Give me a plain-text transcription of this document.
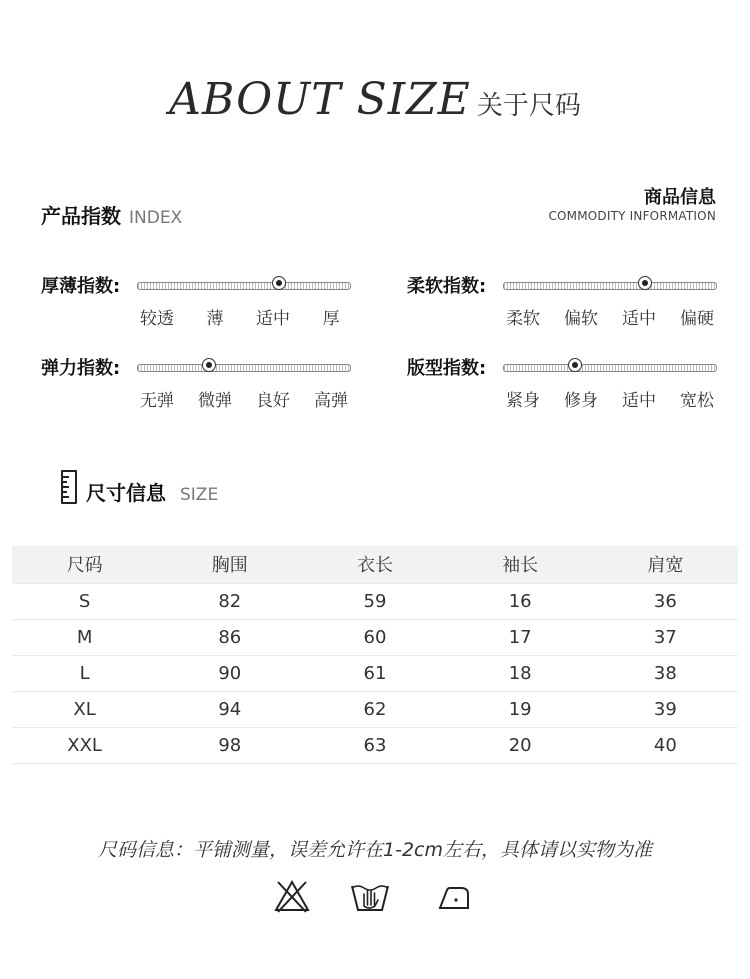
ABOUT SIZE 关于尺码
产品指数 INDEX
商品信息
COMMODITY INFORMATION
厚薄指数:
较透 薄 适中 厚
柔软指数:
柔软 偏软 适中 偏硬
弹力指数:
无弹 微弹 良好 高弹
版型指数:
紧身 修身 适中 宽松
尺寸信息 SIZE
尺码	胸围	衣长	袖长	肩宽
S	82	59	16	36
M	86	60	17	37
L	90	61	18	38
XL	94	62	19	39
XXL	98	63	20	40
尺码信息：平铺测量，误差允许在1-2cm左右，具体请以实物为准
